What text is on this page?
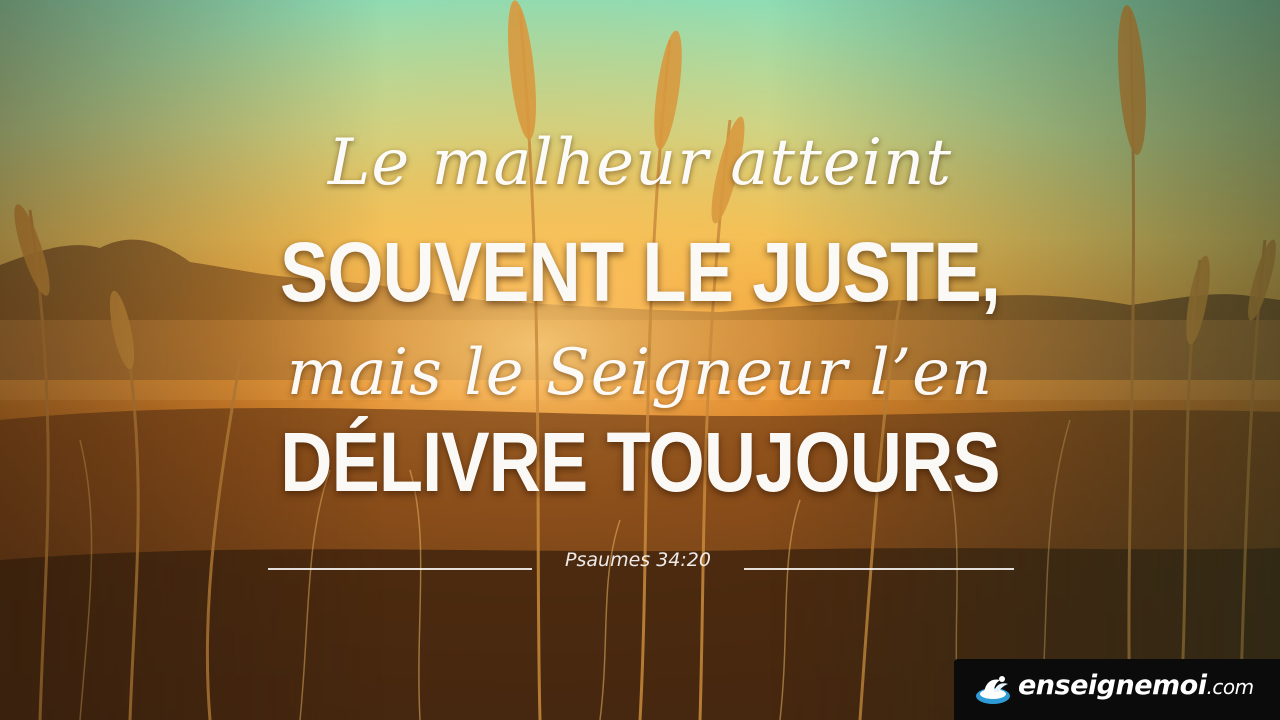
Le malheur atteint
SOUVENT LE JUSTE,
mais le Seigneur l’en
DÉLIVRE TOUJOURS
Psaumes 34:20
enseignemoi.com
